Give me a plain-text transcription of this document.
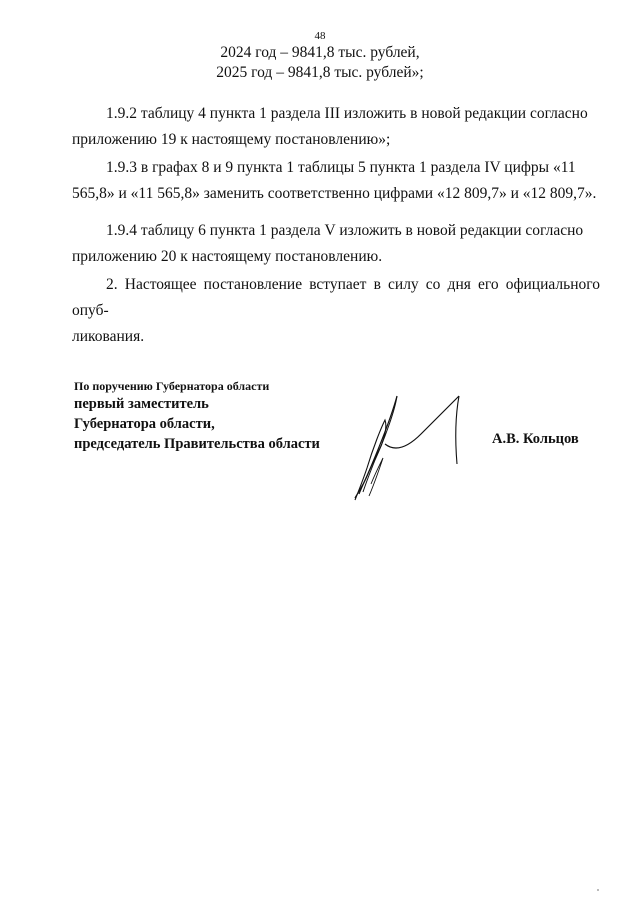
48
2024 год – 9841,8 тыс. рублей,
2025 год – 9841,8 тыс. рублей»;
1.9.2 таблицу 4 пункта 1 раздела III изложить в новой редакции согласно
приложению 19 к настоящему постановлению»;
1.9.3 в графах 8 и 9 пункта 1 таблицы 5 пункта 1 раздела IV цифры «11
565,8» и «11 565,8» заменить соответственно цифрами «12 809,7» и «12 809,7».
1.9.4 таблицу 6 пункта 1 раздела V изложить в новой редакции согласно
приложению 20 к настоящему постановлению.
2. Настоящее постановление вступает в силу со дня его официального опуб-
ликования.
По поручению Губернатора области
первый заместитель
Губернатора области,
председатель Правительства области	А.В. Кольцов
